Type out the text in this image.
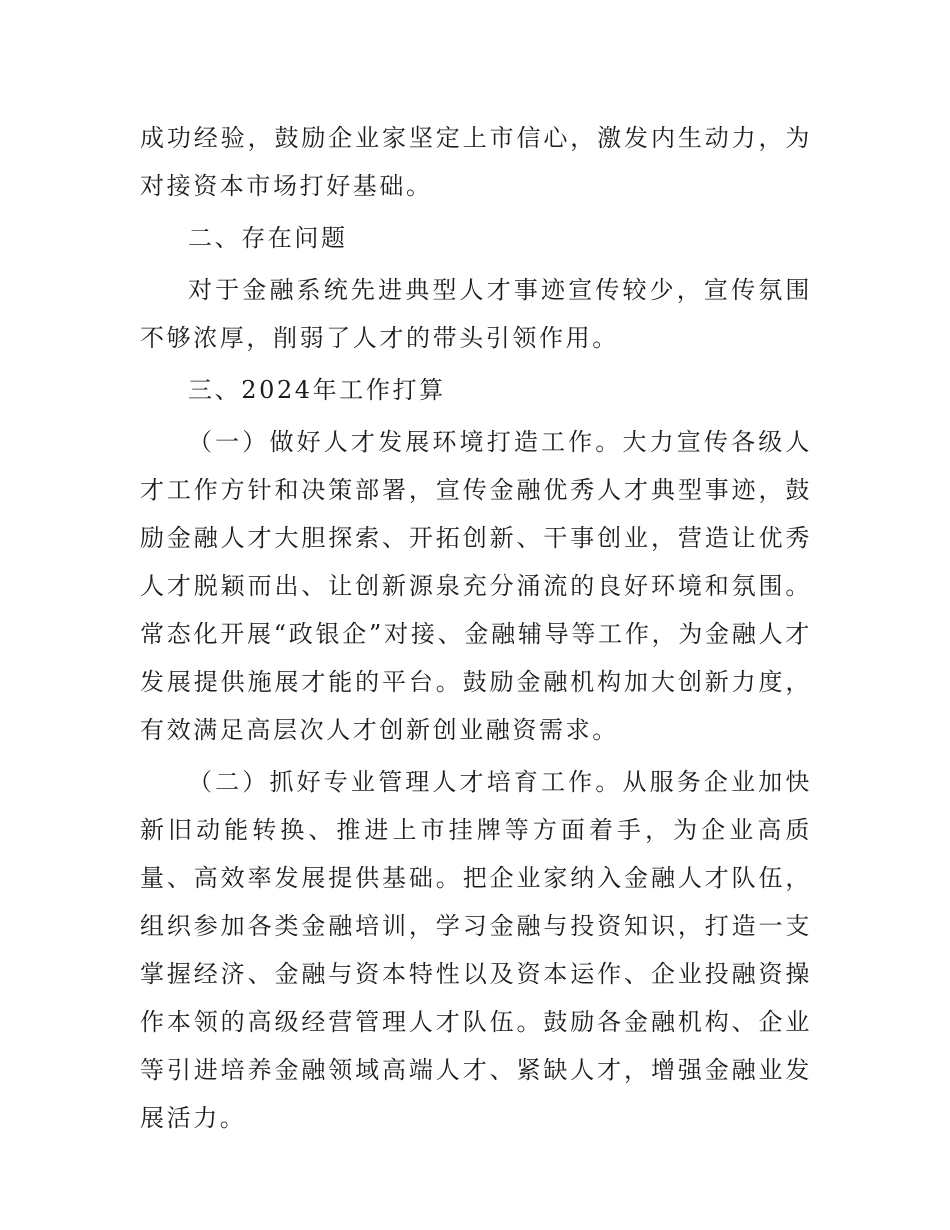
成功经验，鼓励企业家坚定上市信心，激发内生动力，为对接资本市场打好基础。

二、存在问题

对于金融系统先进典型人才事迹宣传较少，宣传氛围不够浓厚，削弱了人才的带头引领作用。

三、2024年工作打算

（一）做好人才发展环境打造工作。大力宣传各级人才工作方针和决策部署，宣传金融优秀人才典型事迹，鼓励金融人才大胆探索、开拓创新、干事创业，营造让优秀人才脱颖而出、让创新源泉充分涌流的良好环境和氛围。常态化开展“政银企”对接、金融辅导等工作，为金融人才发展提供施展才能的平台。鼓励金融机构加大创新力度，有效满足高层次人才创新创业融资需求。

（二）抓好专业管理人才培育工作。从服务企业加快新旧动能转换、推进上市挂牌等方面着手，为企业高质量、高效率发展提供基础。把企业家纳入金融人才队伍，组织参加各类金融培训，学习金融与投资知识，打造一支掌握经济、金融与资本特性以及资本运作、企业投融资操作本领的高级经营管理人才队伍。鼓励各金融机构、企业等引进培养金融领域高端人才、紧缺人才，增强金融业发展活力。
